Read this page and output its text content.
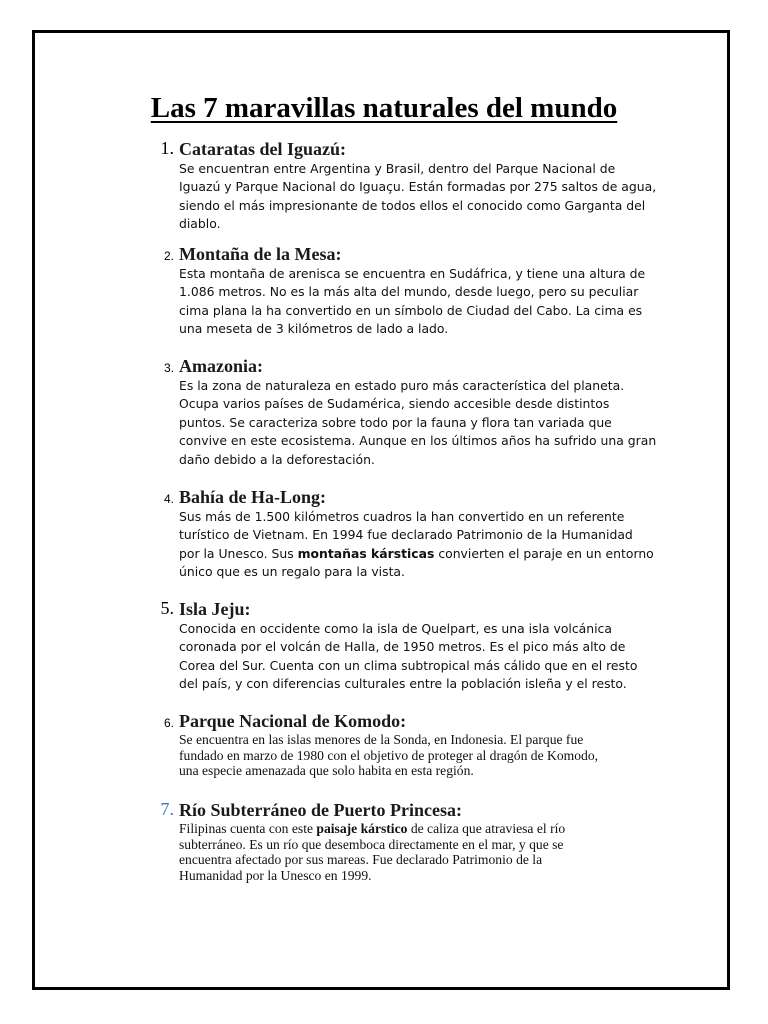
Las 7 maravillas naturales del mundo
1. Cataratas del Iguazú:
Se encuentran entre Argentina y Brasil, dentro del Parque Nacional de
Iguazú y Parque Nacional do Iguaçu. Están formadas por 275 saltos de agua,
siendo el más impresionante de todos ellos el conocido como Garganta del
diablo.
2. Montaña de la Mesa:
Esta montaña de arenisca se encuentra en Sudáfrica, y tiene una altura de
1.086 metros. No es la más alta del mundo, desde luego, pero su peculiar
cima plana la ha convertido en un símbolo de Ciudad del Cabo. La cima es
una meseta de 3 kilómetros de lado a lado.
3. Amazonia:
Es la zona de naturaleza en estado puro más característica del planeta.
Ocupa varios países de Sudamérica, siendo accesible desde distintos
puntos. Se caracteriza sobre todo por la fauna y flora tan variada que
convive en este ecosistema. Aunque en los últimos años ha sufrido una gran
daño debido a la deforestación.
4. Bahía de Ha-Long:
Sus más de 1.500 kilómetros cuadros la han convertido en un referente
turístico de Vietnam. En 1994 fue declarado Patrimonio de la Humanidad
por la Unesco. Sus montañas kársticas convierten el paraje en un entorno
único que es un regalo para la vista.
5. Isla Jeju:
Conocida en occidente como la isla de Quelpart, es una isla volcánica
coronada por el volcán de Halla, de 1950 metros. Es el pico más alto de
Corea del Sur. Cuenta con un clima subtropical más cálido que en el resto
del país, y con diferencias culturales entre la población isleña y el resto.
6. Parque Nacional de Komodo:
Se encuentra en las islas menores de la Sonda, en Indonesia. El parque fue
fundado en marzo de 1980 con el objetivo de proteger al dragón de Komodo,
una especie amenazada que solo habita en esta región.
7. Río Subterráneo de Puerto Princesa:
Filipinas cuenta con este paisaje kárstico de caliza que atraviesa el río
subterráneo. Es un río que desemboca directamente en el mar, y que se
encuentra afectado por sus mareas. Fue declarado Patrimonio de la
Humanidad por la Unesco en 1999.
